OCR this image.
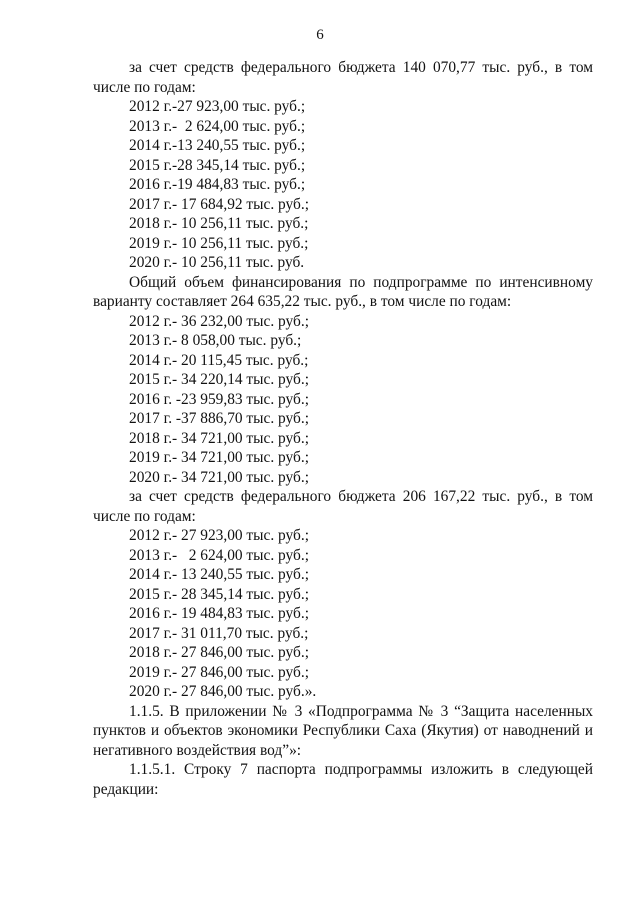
6

за счет средств федерального бюджета 140 070,77 тыс. руб., в том числе по годам:

2012 г.-27 923,00 тыс. руб.;

2013 г.-  2 624,00 тыс. руб.;

2014 г.-13 240,55 тыс. руб.;

2015 г.-28 345,14 тыс. руб.;

2016 г.-19 484,83 тыс. руб.;

2017 г.- 17 684,92 тыс. руб.;

2018 г.- 10 256,11 тыс. руб.;

2019 г.- 10 256,11 тыс. руб.;

2020 г.- 10 256,11 тыс. руб.

Общий объем финансирования по подпрограмме по интенсивному варианту составляет 264 635,22 тыс. руб., в том числе по годам:

2012 г.- 36 232,00 тыс. руб.;

2013 г.- 8 058,00 тыс. руб.;

2014 г.- 20 115,45 тыс. руб.;

2015 г.- 34 220,14 тыс. руб.;

2016 г. -23 959,83 тыс. руб.;

2017 г. -37 886,70 тыс. руб.;

2018 г.- 34 721,00 тыс. руб.;

2019 г.- 34 721,00 тыс. руб.;

2020 г.- 34 721,00 тыс. руб.;

за счет средств федерального бюджета 206 167,22 тыс. руб., в том числе по годам:

2012 г.- 27 923,00 тыс. руб.;

2013 г.-   2 624,00 тыс. руб.;

2014 г.- 13 240,55 тыс. руб.;

2015 г.- 28 345,14 тыс. руб.;

2016 г.- 19 484,83 тыс. руб.;

2017 г.- 31 011,70 тыс. руб.;

2018 г.- 27 846,00 тыс. руб.;

2019 г.- 27 846,00 тыс. руб.;

2020 г.- 27 846,00 тыс. руб.».

1.1.5. В приложении № 3 «Подпрограмма № 3 “Защита населенных пунктов и объектов экономики Республики Саха (Якутия) от наводнений и негативного воздействия вод”»:

1.1.5.1. Строку 7 паспорта подпрограммы изложить в следующей редакции:
